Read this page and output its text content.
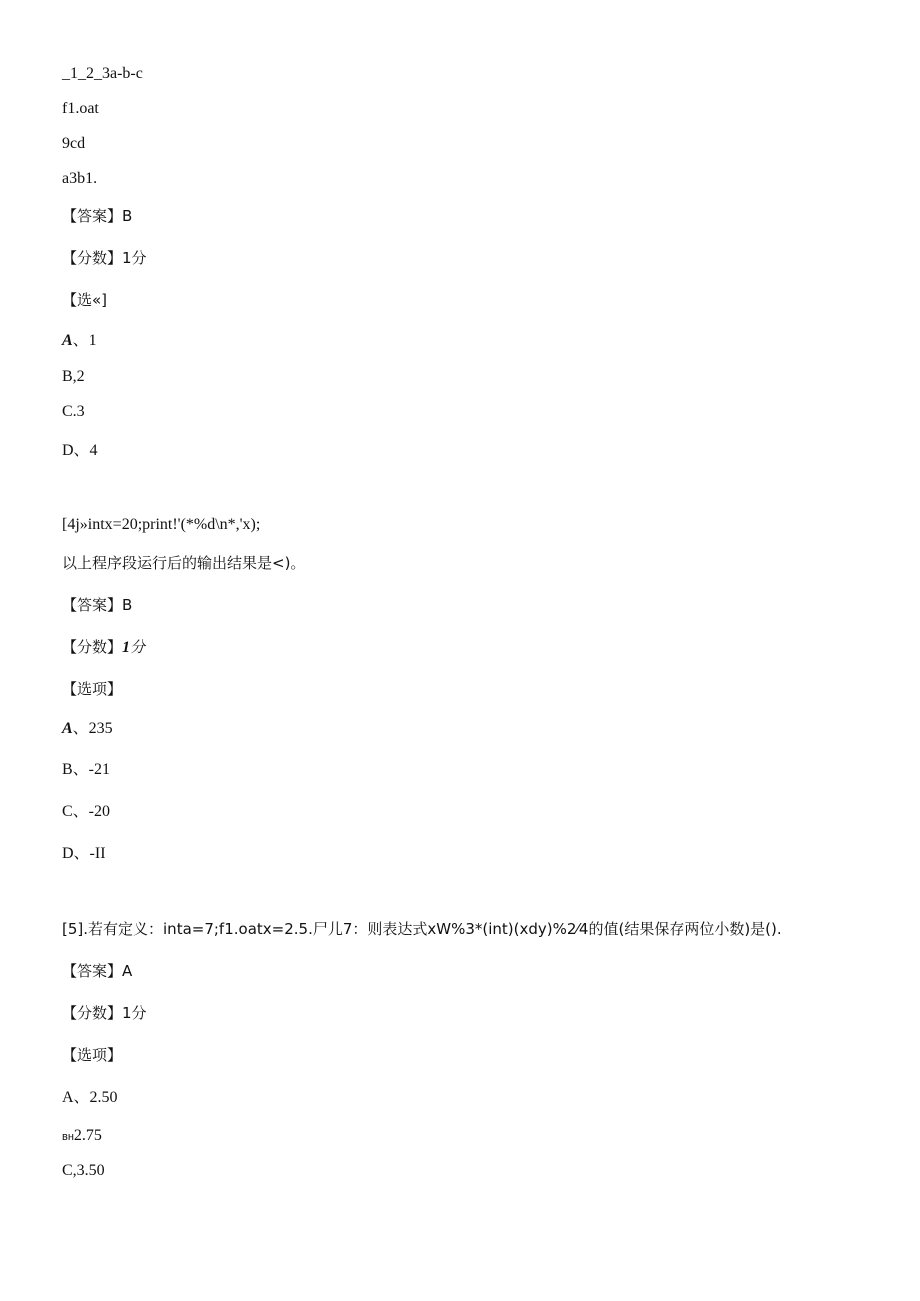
_1_2_3a-b-c
f1.oat
9cd
a3b1.
【答案】B
【分数】1分
【选«]
A、1
B,2
C.3
D、4
[4j»intx=20;print!'(*%d\n*,'x);
以上程序段运行后的输出结果是<)。
【答案】B
【分数】1分
【选项】
A、235
B、-21
C、-20
D、-II
[5].若有定义：inta=7;f1.oatx=2.5.尸儿7：则表达式xW%3*(int)(xdy)%2⁄4的值(结果保存两位小数)是().
【答案】A
【分数】1分
【选项】
A、2.50
вн2.75
C,3.50
